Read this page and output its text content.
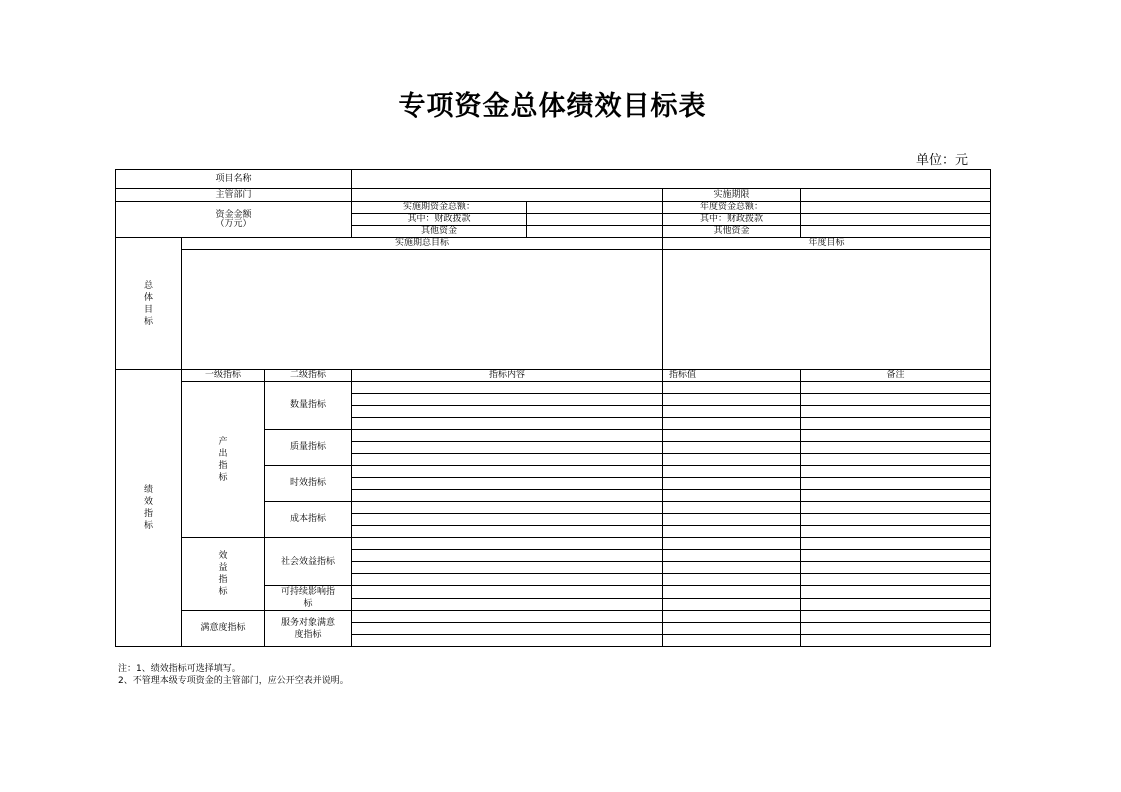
专项资金总体绩效目标表
单位：元
项目名称						
主管部门					实施期限	

资金金额
（万元）			实施期资金总额：		年度资金总额：	
			其中：财政拨款		其中：财政拨款	
			其他资金		其他资金	
总体目标	实施期总目标				年度目标	

绩效指标	一级指标	二级指标	指标内容		指标值	备注
	产出指标	数量指标				

		质量指标				

		时效指标				

		成本指标				

	效益指标	社会效益指标				

		可持续影响指标				

	满意度指标	服务对象满意度指标				

注：1、绩效指标可选择填写。
2、不管理本级专项资金的主管部门，应公开空表并说明。
